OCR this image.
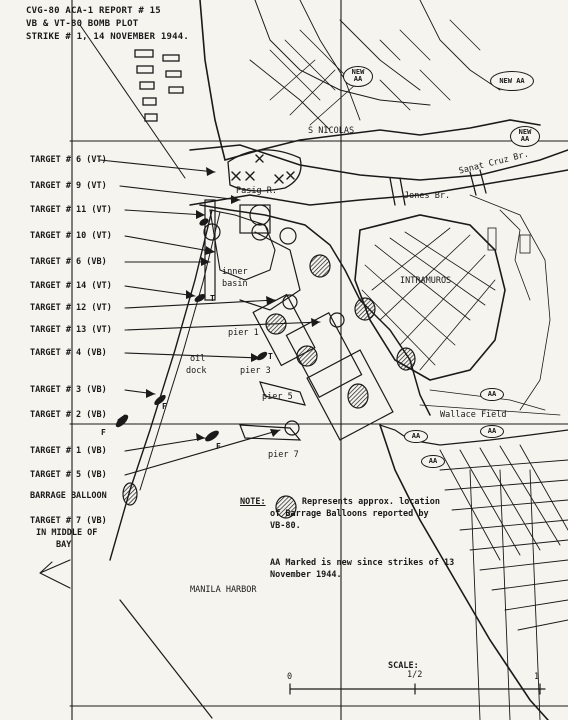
CVG-80 ACA-1 REPORT # 15
VB & VT-80 BOMB PLOT
STRIKE # 1, 14 NOVEMBER 1944.
TARGET # 6 (VT)
TARGET # 9 (VT)
TARGET # 11 (VT)
TARGET # 10 (VT)
TARGET # 6 (VB)
TARGET # 14 (VT)
TARGET # 12 (VT)
TARGET # 13 (VT)
TARGET # 4 (VB)
TARGET # 3 (VB)
TARGET # 2 (VB)
TARGET # 1 (VB)
TARGET # 5 (VB)
BARRAGE BALLOON
TARGET # 7 (VB)
IN MIDDLE OF
BAY
S NICOLAS
Pasig R.	Jones Br.
Sanat Cruz Br.
INTRAMUROS
inner
basin
pier 1
oil
dock	pier 3
pier 5
pier 7
Wallace Field
MANILA HARBOR
T
T
F
F
F
NEW AA	NEW AA
NEW AA
AA
AA
AA
AA
NOTE:	Represents approx. location
of Barrage Balloons reported by
VB-80.
AA Marked is new since strikes of 13
November 1944.
SCALE:
0	1/2	1
